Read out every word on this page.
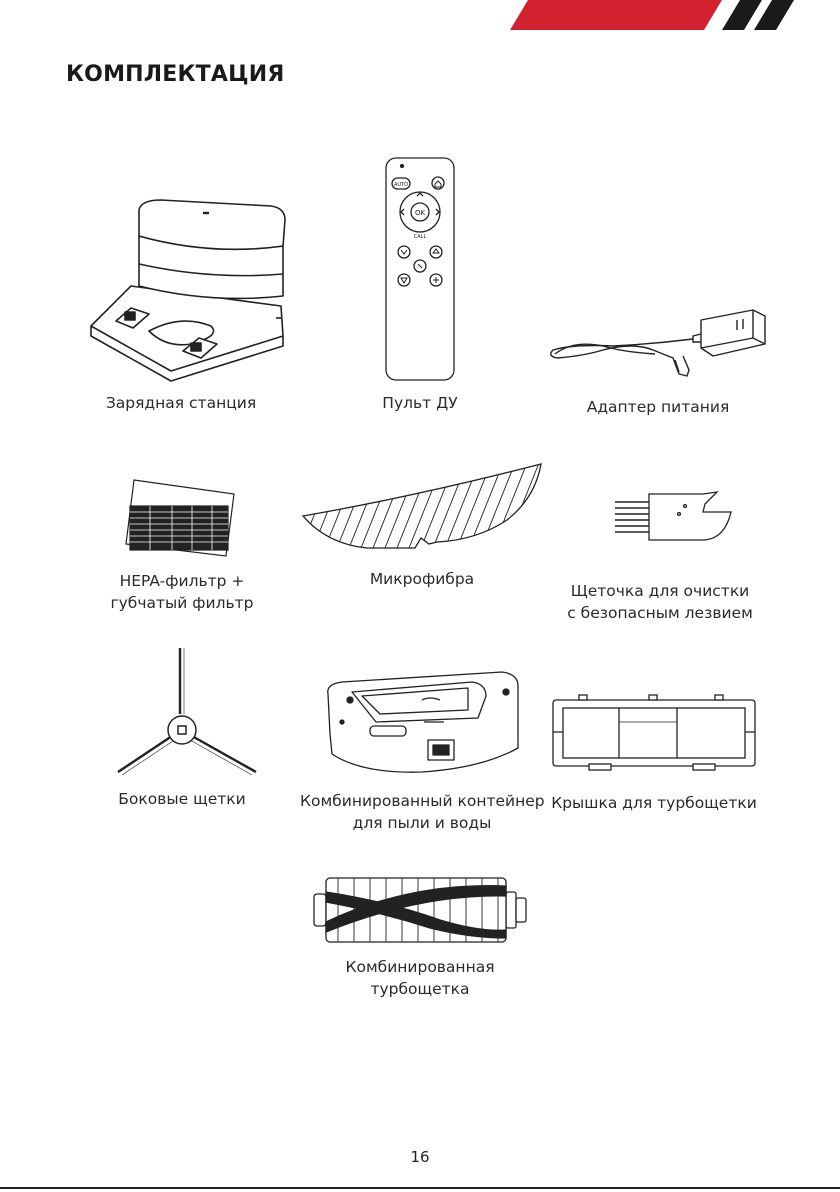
КОМПЛЕКТАЦИЯ
Зарядная станция
AUTO
OK
CALL
Пульт ДУ	Адаптер питания
HEPA-фильтр +
губчатый фильтр
Микрофибра
Щеточка для очистки
с безопасным лезвием
Боковые щетки	Комбинированный контейнер
для пыли и воды
Крышка для турбощетки
Комбинированная
турбощетка
16
